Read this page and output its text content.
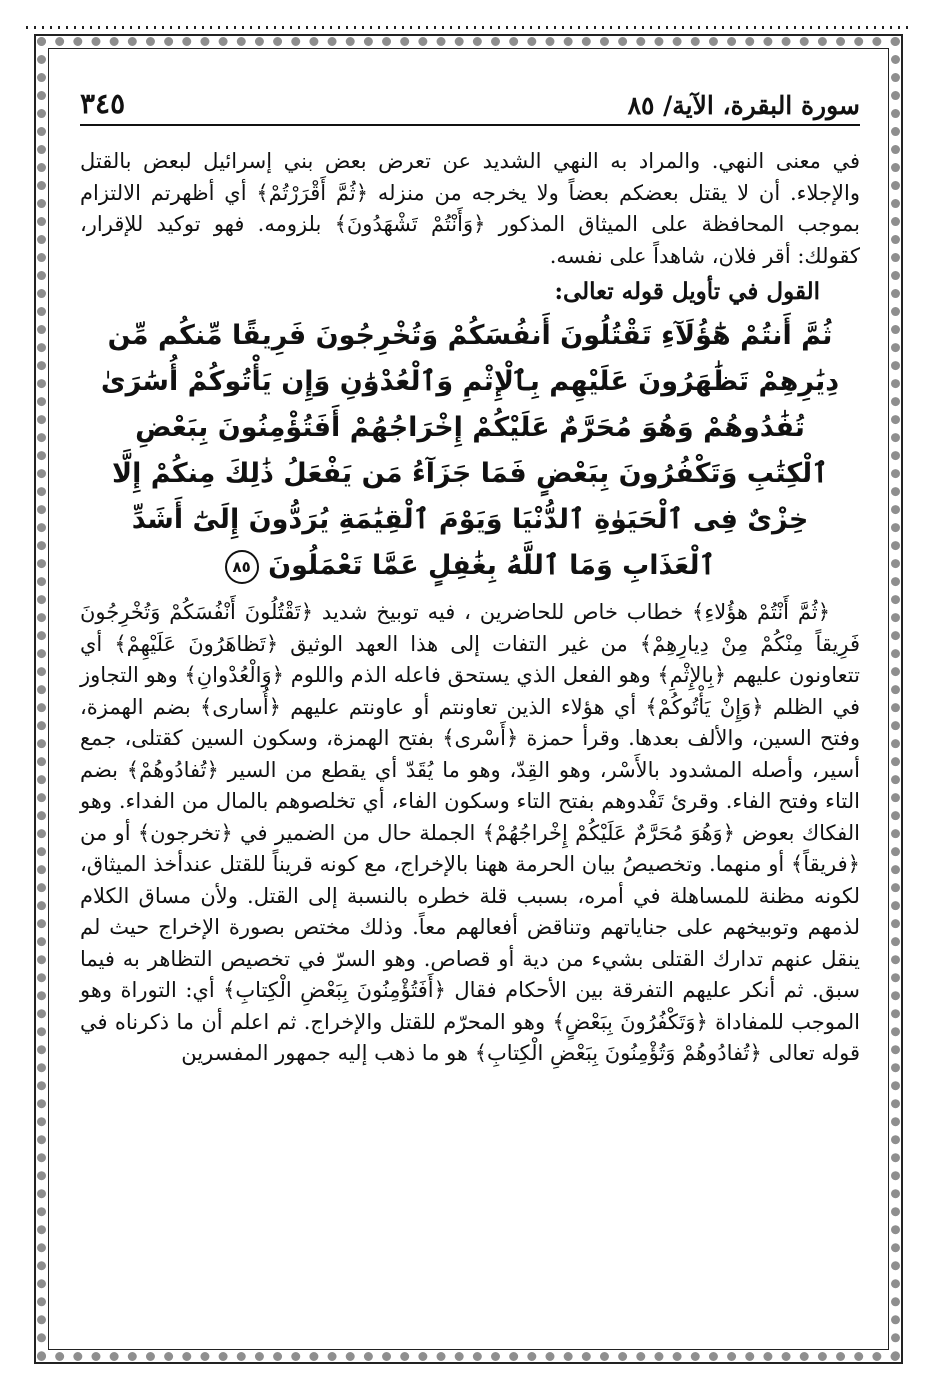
سورة البقرة، الآية/ ٨٥
٣٤٥

في معنى النهي. والمراد به النهي الشديد عن تعرض بعض بني إسرائيل لبعض بالقتل والإجلاء. أن لا يقتل بعضكم بعضاً ولا يخرجه من منزله ﴿ثُمَّ أَقْرَرْتُمْ﴾ أي أظهرتم الالتزام بموجب المحافظة على الميثاق المذكور ﴿وَأَنْتُمْ تَشْهَدُونَ﴾ بلزومه. فهو توكيد للإقرار، كقولك: أقر فلان، شاهداً على نفسه.

القول في تأويل قوله تعالى:
ثُمَّ أَنتُمْ هَٰٓؤُلَآءِ تَقْتُلُونَ أَنفُسَكُمْ وَتُخْرِجُونَ فَرِيقًا مِّنكُم مِّن دِيَٰرِهِمْ تَظَٰهَرُونَ عَلَيْهِم بِٱلْإِثْمِ وَٱلْعُدْوَٰنِ وَإِن يَأْتُوكُمْ أُسَٰرَىٰ تُفَٰدُوهُمْ وَهُوَ مُحَرَّمٌ عَلَيْكُمْ إِخْرَاجُهُمْ أَفَتُؤْمِنُونَ بِبَعْضِ ٱلْكِتَٰبِ وَتَكْفُرُونَ بِبَعْضٍ فَمَا جَزَآءُ مَن يَفْعَلُ ذَٰلِكَ مِنكُمْ إِلَّا خِزْىٌ فِى ٱلْحَيَوٰةِ ٱلدُّنْيَا وَيَوْمَ ٱلْقِيَٰمَةِ يُرَدُّونَ إِلَىٰٓ أَشَدِّ ٱلْعَذَابِ وَمَا ٱللَّهُ بِغَٰفِلٍ عَمَّا تَعْمَلُونَ ٨٥

﴿ثُمَّ أَنْتُمْ هؤُلاءِ﴾ خطاب خاص للحاضرين ، فيه توبيخ شديد ﴿تَقْتُلُونَ أَنْفُسَكُمْ وَتُخْرِجُونَ فَرِيقاً مِنْكُمْ مِنْ دِيارِهِمْ﴾ من غير التفات إلى هذا العهد الوثيق ﴿تَظاهَرُونَ عَلَيْهِمْ﴾ أي تتعاونون عليهم ﴿بِالإِثْمِ﴾ وهو الفعل الذي يستحق فاعله الذم واللوم ﴿وَالْعُدْوانِ﴾ وهو التجاوز في الظلم ﴿وَإِنْ يَأْتُوكُمْ﴾ أي هؤلاء الذين تعاونتم أو عاونتم عليهم ﴿أُسارى﴾ بضم الهمزة، وفتح السين، والألف بعدها. وقرأ حمزة ﴿أَسْرى﴾ بفتح الهمزة، وسكون السين كقتلى، جمع أسير، وأصله المشدود بالأَسْر، وهو القِدّ، وهو ما يُقَدّ أي يقطع من السير ﴿تُفادُوهُمْ﴾ بضم التاء وفتح الفاء. وقرئ تَفْدوهم بفتح التاء وسكون الفاء، أي تخلصوهم بالمال من الفداء. وهو الفكاك بعوض ﴿وَهُوَ مُحَرَّمٌ عَلَيْكُمْ إِخْراجُهُمْ﴾ الجملة حال من الضمير في ﴿تخرجون﴾ أو من ﴿فريقاً﴾ أو منهما. وتخصيصُ بيان الحرمة ههنا بالإخراج، مع كونه قريناً للقتل عندأخذ الميثاق، لكونه مظنة للمساهلة في أمره، بسبب قلة خطره بالنسبة إلى القتل. ولأن مساق الكلام لذمهم وتوبيخهم على جناياتهم وتناقض أفعالهم معاً. وذلك مختص بصورة الإخراج حيث لم ينقل عنهم تدارك القتلى بشيء من دية أو قصاص. وهو السرّ في تخصيص التظاهر به فيما سبق. ثم أنكر عليهم التفرقة بين الأحكام فقال ﴿أَفَتُؤْمِنُونَ بِبَعْضِ الْكِتابِ﴾ أي: التوراة وهو الموجب للمفاداة ﴿وَتَكْفُرُونَ بِبَعْضٍ﴾ وهو المحرّم للقتل والإخراج. ثم اعلم أن ما ذكرناه في قوله تعالى ﴿تُفادُوهُمْ وَتُؤْمِنُونَ بِبَعْضِ الْكِتابِ﴾ هو ما ذهب إليه جمهور المفسرين
